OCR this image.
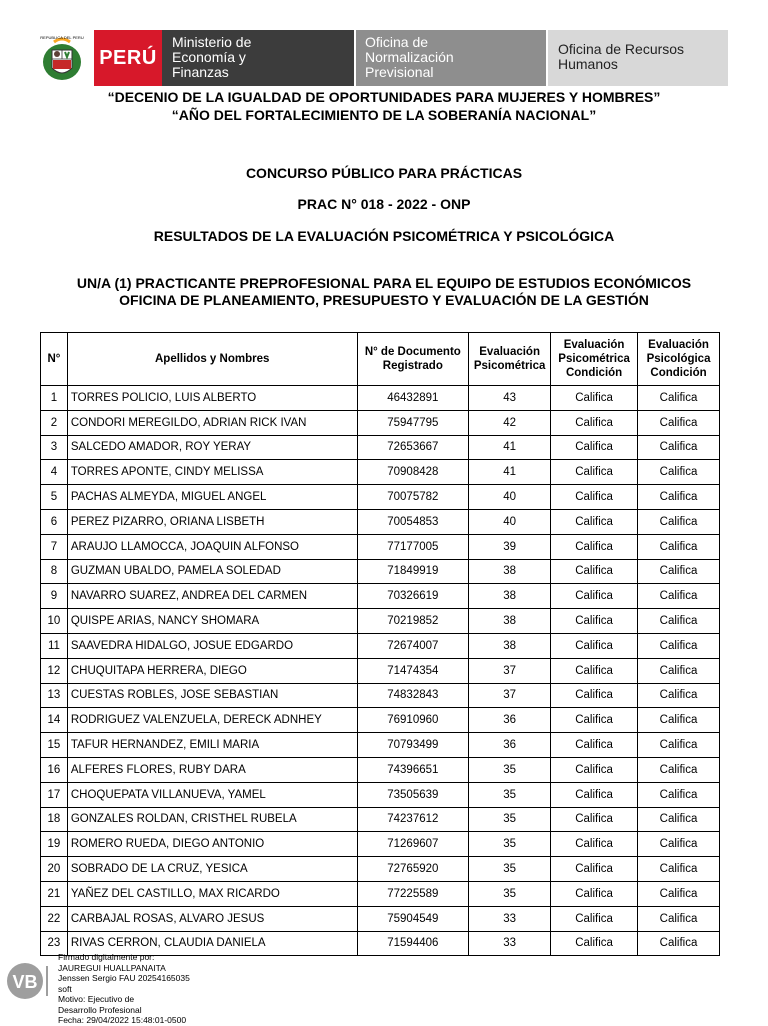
REPUBLICA DEL PERU
PERÚ
Ministerio de
Economía y
Finanzas
Oficina de
Normalización
Previsional
Oficina de Recursos
Humanos
“DECENIO DE LA IGUALDAD DE OPORTUNIDADES PARA MUJERES Y HOMBRES”
“AÑO DEL FORTALECIMIENTO DE LA SOBERANÍA NACIONAL”
CONCURSO PÚBLICO PARA PRÁCTICAS
PRAC N° 018 - 2022 - ONP
RESULTADOS DE LA EVALUACIÓN PSICOMÉTRICA Y PSICOLÓGICA
UN/A (1) PRACTICANTE PREPROFESIONAL PARA EL EQUIPO DE ESTUDIOS ECONÓMICOS
OFICINA DE PLANEAMIENTO, PRESUPUESTO Y EVALUACIÓN DE LA GESTIÓN
N°	Apellidos y Nombres	N° de Documento Registrado	Evaluación Psicométrica	Evaluación Psicométrica Condición	Evaluación Psicológica Condición
1	TORRES POLICIO, LUIS ALBERTO	46432891	43	Califica	Califica
2	CONDORI MEREGILDO, ADRIAN RICK IVAN	75947795	42	Califica	Califica
3	SALCEDO AMADOR, ROY YERAY	72653667	41	Califica	Califica
4	TORRES APONTE, CINDY MELISSA	70908428	41	Califica	Califica
5	PACHAS ALMEYDA, MIGUEL ANGEL	70075782	40	Califica	Califica
6	PEREZ PIZARRO, ORIANA LISBETH	70054853	40	Califica	Califica
7	ARAUJO LLAMOCCA, JOAQUIN ALFONSO	77177005	39	Califica	Califica
8	GUZMAN UBALDO, PAMELA SOLEDAD	71849919	38	Califica	Califica
9	NAVARRO SUAREZ, ANDREA DEL CARMEN	70326619	38	Califica	Califica
10	QUISPE ARIAS, NANCY SHOMARA	70219852	38	Califica	Califica
11	SAAVEDRA HIDALGO, JOSUE EDGARDO	72674007	38	Califica	Califica
12	CHUQUITAPA HERRERA, DIEGO	71474354	37	Califica	Califica
13	CUESTAS ROBLES, JOSE SEBASTIAN	74832843	37	Califica	Califica
14	RODRIGUEZ VALENZUELA, DERECK ADNHEY	76910960	36	Califica	Califica
15	TAFUR HERNANDEZ, EMILI MARIA	70793499	36	Califica	Califica
16	ALFERES FLORES, RUBY DARA	74396651	35	Califica	Califica
17	CHOQUEPATA VILLANUEVA, YAMEL	73505639	35	Califica	Califica
18	GONZALES ROLDAN, CRISTHEL RUBELA	74237612	35	Califica	Califica
19	ROMERO RUEDA, DIEGO ANTONIO	71269607	35	Califica	Califica
20	SOBRADO DE LA CRUZ, YESICA	72765920	35	Califica	Califica
21	YAÑEZ DEL CASTILLO, MAX RICARDO	77225589	35	Califica	Califica
22	CARBAJAL ROSAS, ALVARO JESUS	75904549	33	Califica	Califica
23	RIVAS CERRON, CLAUDIA DANIELA	71594406	33	Califica	Califica
VB
Firmado digitalmente por:
JAUREGUI HUALLPANAITA
Jenssen Sergio FAU 20254165035
soft
Motivo: Ejecutivo de
Desarrollo Profesional
Fecha: 29/04/2022 15:48:01-0500
